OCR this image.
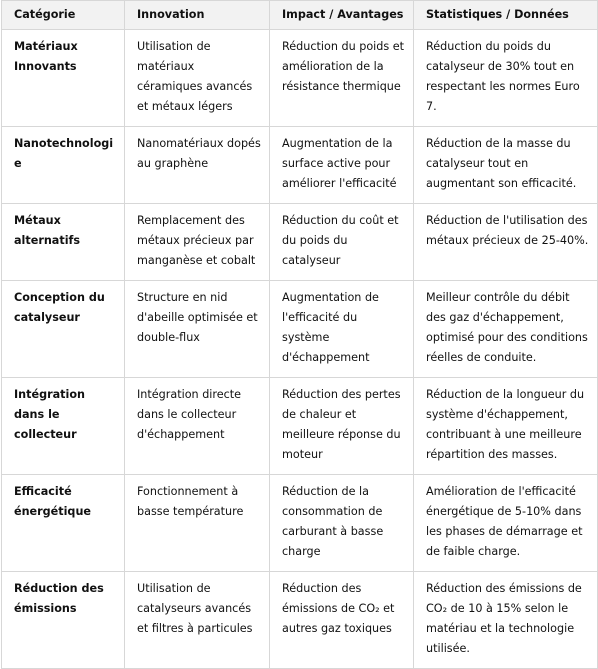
Catégorie	Innovation	Impact / Avantages	Statistiques / Données
Matériaux Innovants	Utilisation de matériaux céramiques avancés et métaux légers	Réduction du poids et amélioration de la résistance thermique	Réduction du poids du catalyseur de 30% tout en respectant les normes Euro 7.
Nanotechnologie	Nanomatériaux dopés au graphène	Augmentation de la surface active pour améliorer l'efficacité	Réduction de la masse du catalyseur tout en augmentant son efficacité.
Métaux alternatifs	Remplacement des métaux précieux par manganèse et cobalt	Réduction du coût et du poids du catalyseur	Réduction de l'utilisation des métaux précieux de 25-40%.
Conception du catalyseur	Structure en nid d'abeille optimisée et double-flux	Augmentation de l'efficacité du système d'échappement	Meilleur contrôle du débit des gaz d'échappement, optimisé pour des conditions réelles de conduite.
Intégration dans le collecteur	Intégration directe dans le collecteur d'échappement	Réduction des pertes de chaleur et meilleure réponse du moteur	Réduction de la longueur du système d'échappement, contribuant à une meilleure répartition des masses.
Efficacité énergétique	Fonctionnement à basse température	Réduction de la consommation de carburant à basse charge	Amélioration de l'efficacité énergétique de 5-10% dans les phases de démarrage et de faible charge.
Réduction des émissions	Utilisation de catalyseurs avancés et filtres à particules	Réduction des émissions de CO₂ et autres gaz toxiques	Réduction des émissions de CO₂ de 10 à 15% selon le matériau et la technologie utilisée.
